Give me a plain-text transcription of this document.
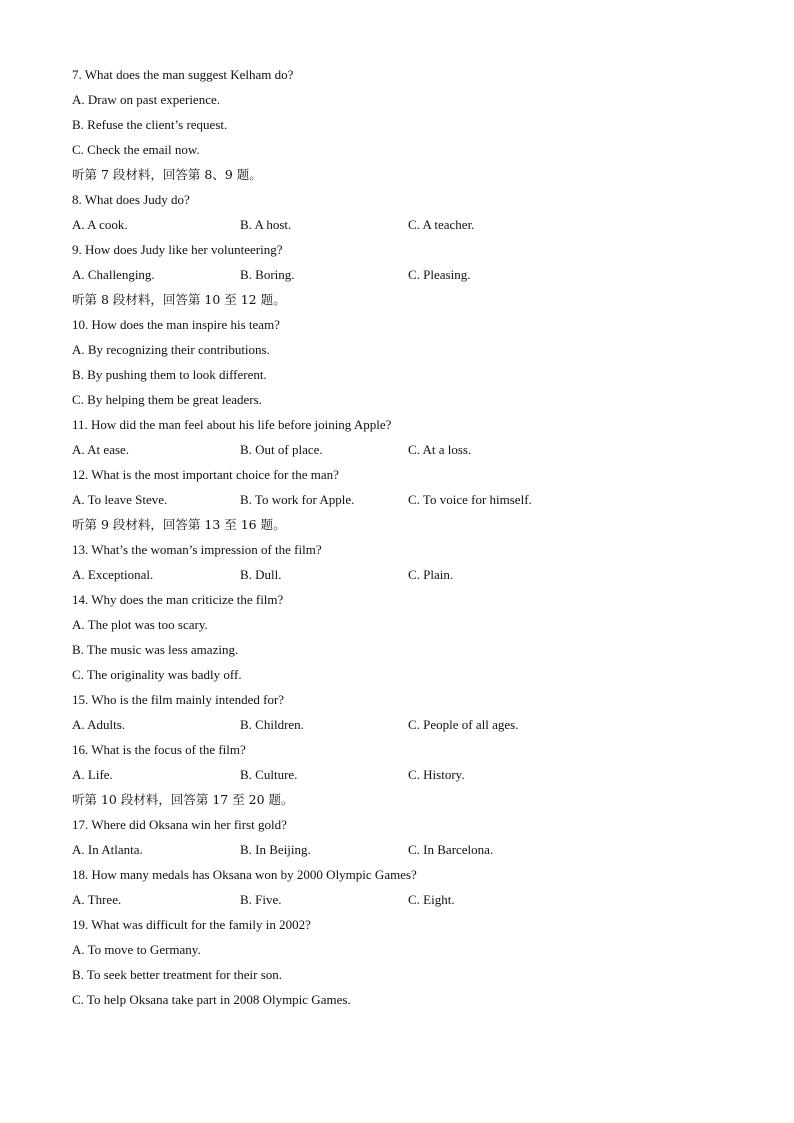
7. What does the man suggest Kelham do?
A. Draw on past experience.
B. Refuse the client’s request.
C. Check the email now.
听第 7 段材料，回答第 8、9 题。
8. What does Judy do?
A. A cook.	B. A host.	C. A teacher.
9. How does Judy like her volunteering?
A. Challenging.	B. Boring.	C. Pleasing.
听第 8 段材料，回答第 10 至 12 题。
10. How does the man inspire his team?
A. By recognizing their contributions.
B. By pushing them to look different.
C. By helping them be great leaders.
11. How did the man feel about his life before joining Apple?
A. At ease.	B. Out of place.	C. At a loss.
12. What is the most important choice for the man?
A. To leave Steve.	B. To work for Apple.	C. To voice for himself.
听第 9 段材料，回答第 13 至 16 题。
13. What’s the woman’s impression of the film?
A. Exceptional.	B. Dull.	C. Plain.
14. Why does the man criticize the film?
A. The plot was too scary.
B. The music was less amazing.
C. The originality was badly off.
15. Who is the film mainly intended for?
A. Adults.	B. Children.	C. People of all ages.
16. What is the focus of the film?
A. Life.	B. Culture.	C. History.
听第 10 段材料，回答第 17 至 20 题。
17. Where did Oksana win her first gold?
A. In Atlanta.	B. In Beijing.	C. In Barcelona.
18. How many medals has Oksana won by 2000 Olympic Games?
A. Three.	B. Five.	C. Eight.
19. What was difficult for the family in 2002?
A. To move to Germany.
B. To seek better treatment for their son.
C. To help Oksana take part in 2008 Olympic Games.
